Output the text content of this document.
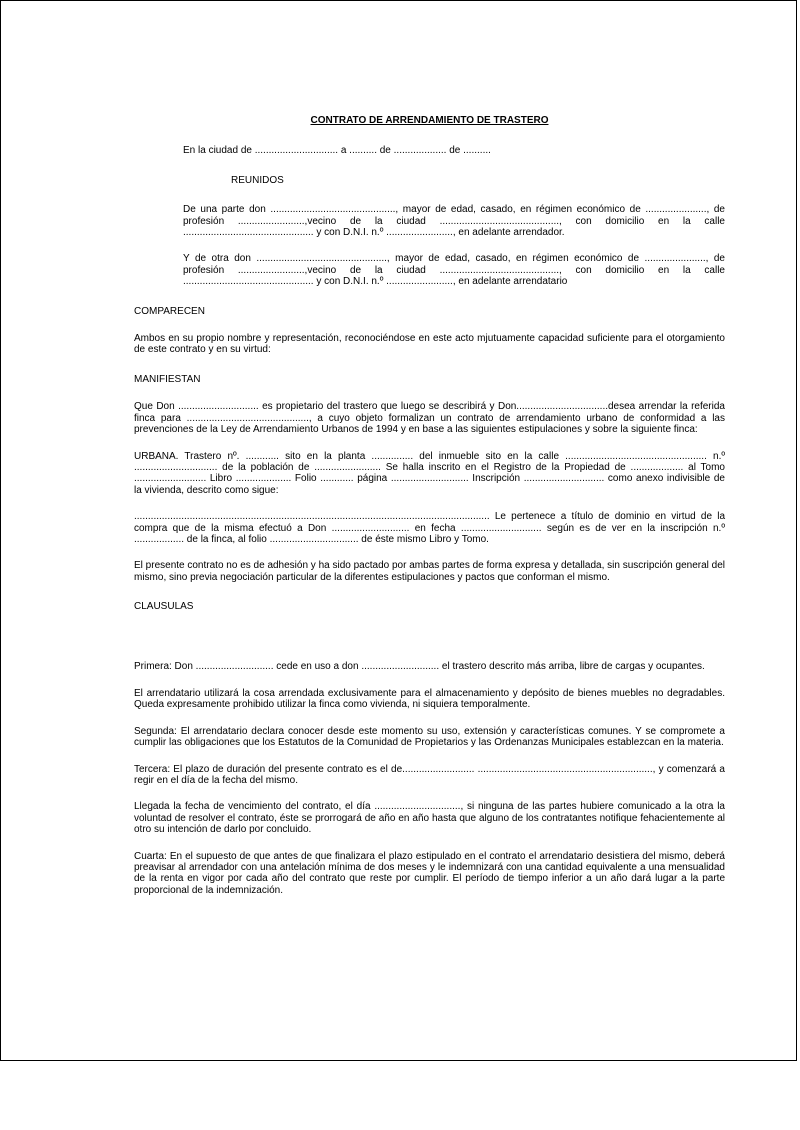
CONTRATO DE ARRENDAMIENTO DE TRASTERO

En la ciudad de .............................. a .......... de ................... de ..........

REUNIDOS

De una parte don ............................................., mayor de edad, casado, en régimen económico de ......................, de profesión ........................,vecino de la ciudad ..........................................., con domicilio en la calle ............................................... y con D.N.I. n.º ........................, en adelante arrendador.

Y de otra don ..............................................., mayor de edad, casado, en régimen económico de ......................, de profesión ........................,vecino de la ciudad ..........................................., con domicilio en la calle ............................................... y con D.N.I. n.º ........................, en adelante arrendatario

COMPARECEN

Ambos en su propio nombre y representación, reconociéndose en este acto mjutuamente capacidad suficiente para el otorgamiento de este contrato y en su virtud:

MANIFIESTAN

Que Don ............................. es propietario del trastero que luego se describirá y Don.................................desea arrendar la referida finca para ............................................, a cuyo objeto formalizan un contrato de arrendamiento urbano de conformidad a las prevenciones de la Ley de Arrendamiento Urbanos de 1994 y en base a las siguientes estipulaciones y sobre la siguiente finca:

URBANA. Trastero nº. ............ sito en la planta ............... del inmueble sito en la calle ................................................... n.º .............................. de la población de ........................ Se halla inscrito en el Registro de la Propiedad de ................... al Tomo .......................... Libro .................... Folio ............ página ............................ Inscripción ............................. como anexo indivisible de la vivienda, descrito como sigue:

................................................................................................................................ Le pertenece a título de dominio en virtud de la compra que de la misma efectuó a Don ............................ en fecha ............................. según es de ver en la inscripción n.º .................. de la finca, al folio ................................ de éste mismo Libro y Tomo.

El presente contrato no es de adhesión y ha sido pactado por ambas partes de forma expresa y detallada, sin suscripción general del mismo, sino previa negociación particular de la diferentes estipulaciones y pactos que conforman el mismo.

CLAUSULAS

Primera: Don ............................ cede en uso a don ............................ el trastero descrito más arriba, libre de cargas y ocupantes.

El arrendatario utilizará la cosa arrendada exclusivamente para el almacenamiento y depósito de bienes muebles no degradables. Queda expresamente prohibido utilizar la finca como vivienda, ni siquiera temporalmente.

Segunda: El arrendatario declara conocer desde este momento su uso, extensión y características comunes. Y se compromete a cumplir las obligaciones que los Estatutos de la Comunidad de Propietarios y las Ordenanzas Municipales establezcan en la materia.

Tercera: El plazo de duración del presente contrato es el de.......................... ..............................................................., y comenzará a regir en el día de la fecha del mismo.

Llegada la fecha de vencimiento del contrato, el día ..............................., si ninguna de las partes hubiere comunicado a la otra la voluntad de resolver el contrato, éste se prorrogará de año en año hasta que alguno de los contratantes notifique fehacientemente al otro su intención de darlo por concluido.

Cuarta: En el supuesto de que antes de que finalizara el plazo estipulado en el contrato el arrendatario desistiera del mismo, deberá preavisar al arrendador con una antelación mínima de dos meses y le indemnizará con una cantidad equivalente a una mensualidad de la renta en vigor por cada año del contrato que reste por cumplir. El período de tiempo inferior a un año dará lugar a la parte proporcional de la indemnización.
